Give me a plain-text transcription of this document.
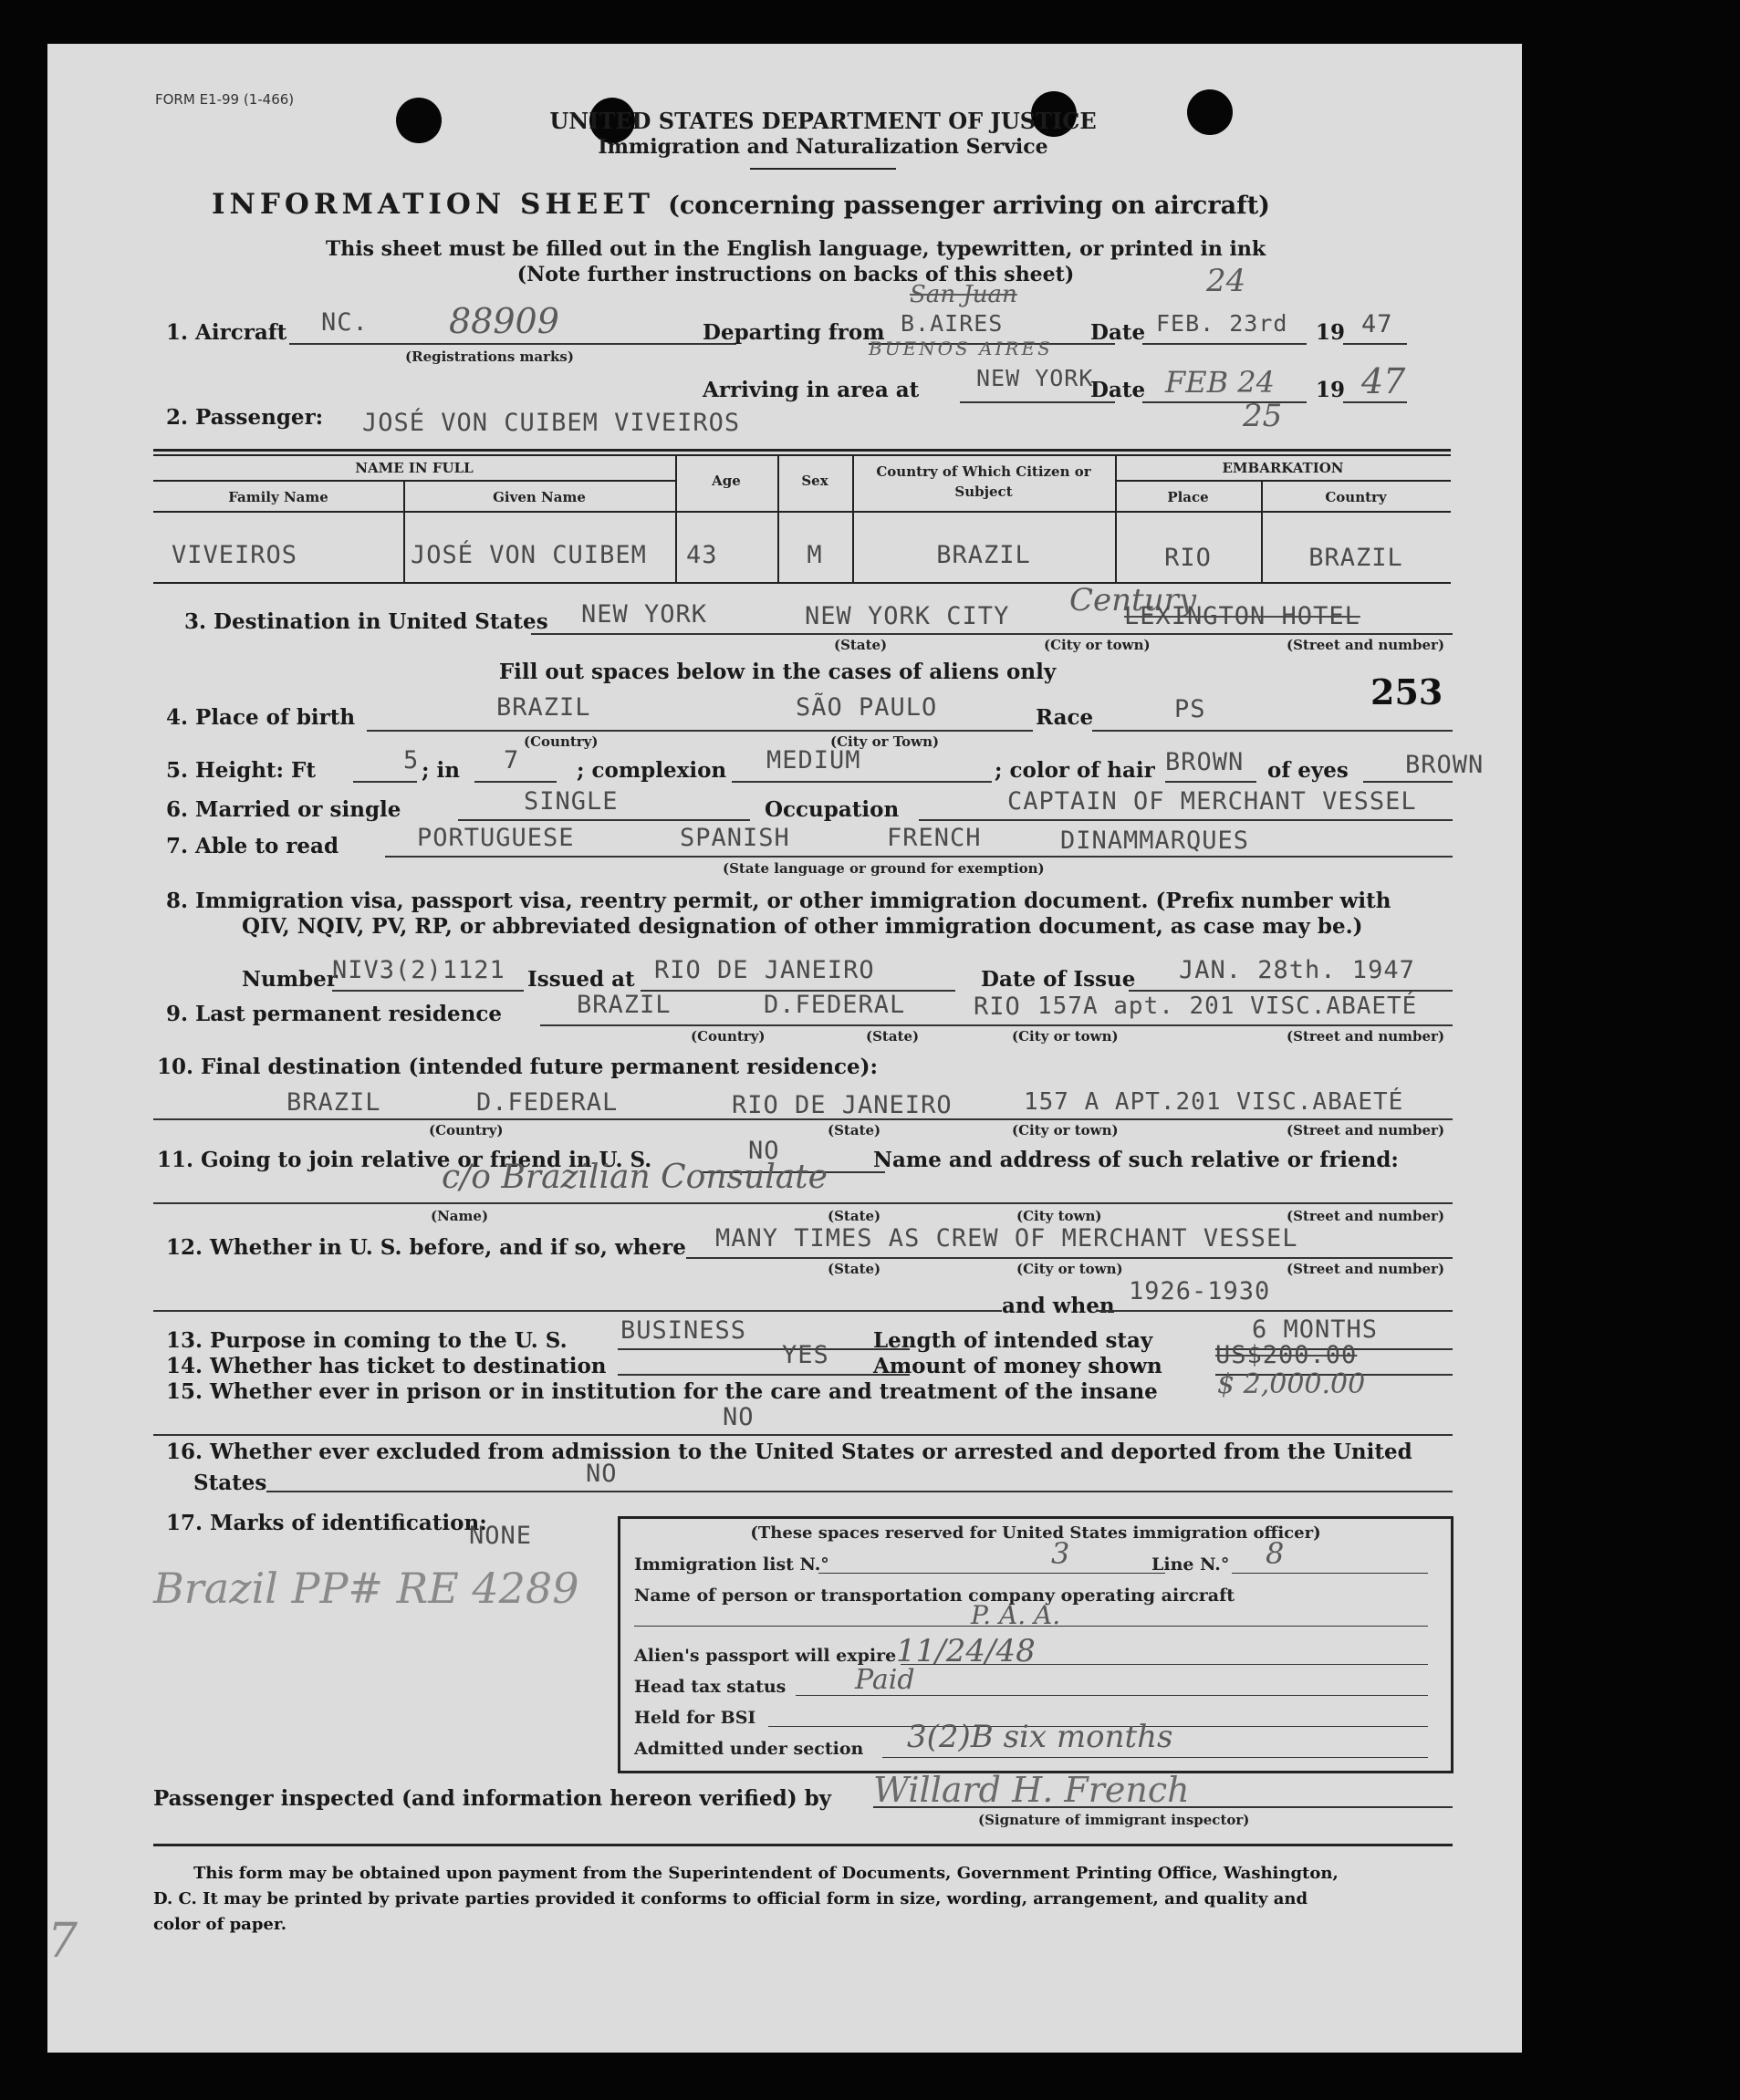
FORM E1-99 (1-466)
UNITED STATES DEPARTMENT OF JUSTICE
Immigration and Naturalization Service
INFORMATION SHEET (concerning passenger arriving on aircraft)
This sheet must be filled out in the English language, typewritten, or printed in ink
(Note further instructions on backs of this sheet)
1. Aircraft NC. 88909
(Registrations marks)
Departing from
San Juan
B.AIRES
BUENOS AIRES
Date
24
FEB. 23rd 19 47
Arriving in area at	NEW YORK
Date FEB 24
25
19 47
2. Passenger: JOSÉ VON CUIBEM VIVEIROS
NAME IN FULL
Family Name	Given Name
Age	Sex
Country of Which Citizen or Subject
EMBARKATION
Place	Country
VIVEIROS	JOSÉ VON CUIBEM 43	M	BRAZIL	RIO	BRAZIL
3. Destination in United States NEW YORK	NEW YORK CITY Century
LEXINGTON HOTEL
(State)	(City or town)	(Street and number)
Fill out spaces below in the cases of aliens only	253
4. Place of birth	BRAZIL	SÃO PAULO	Race	PS
(Country)	(City or Town)
5. Height: Ft	5 ; in 7	; complexion MEDIUM	; color of hair BROWN of eyes BROWN
6. Married or single	SINGLE	Occupation	CAPTAIN OF MERCHANT VESSEL
7. Able to read	PORTUGUESE	SPANISH	FRENCH	DINAMMARQUES
(State language or ground for exemption)
8. Immigration visa, passport visa, reentry permit, or other immigration document. (Prefix number with
QIV, NQIV, PV, RP, or abbreviated designation of other immigration document, as case may be.)
Number
NIV3(2)1121 Issued at RIO DE JANEIRO	Date of Issue JAN. 28th. 1947
9. Last permanent residence	BRAZIL	D.FEDERAL	RIO 157A apt. 201 VISC.ABAETÉ
(Country)	(State)	(City or town)	(Street and number)
10. Final destination (intended future permanent residence):
BRAZIL	D.FEDERAL	RIO DE JANEIRO	157 A APT.201 VISC.ABAETÉ
(Country)	(State)	(City or town)	(Street and number)
11. Going to join relative or friend in U. S.	NO	Name and address of such relative or friend:
c/o Brazilian Consulate
(Name)	(State)	(City town)	(Street and number)
12. Whether in U. S. before, and if so, where MANY TIMES AS CREW OF MERCHANT VESSEL
(State)	(City or town)	(Street and number)
and when
1926-1930
13. Purpose in coming to the U. S. BUSINESS	Length of intended stay	6 MONTHS
14. Whether has ticket to destination	YES Amount of money shown US$200.00
$ 2,000.00
15. Whether ever in prison or in institution for the care and treatment of the insane
NO
16. Whether ever excluded from admission to the United States or arrested and deported from the United
States	NO
17. Marks of identification:
NONE
Brazil PP# RE 4289
(These spaces reserved for United States immigration officer)
Immigration list N.°	3	Line N.° 8
Name of person or transportation company operating aircraft
P. A. A.
Alien's passport will expire 11/24/48
Head tax status	Paid
Held for BSI
Admitted under section 3(2)B six months
Passenger inspected (and information hereon verified) by Willard H. French
(Signature of immigrant inspector)
This form may be obtained upon payment from the Superintendent of Documents, Government Printing Office, Washington,
D. C. It may be printed by private parties provided it conforms to official form in size, wording, arrangement, and quality and
color of paper.
7
